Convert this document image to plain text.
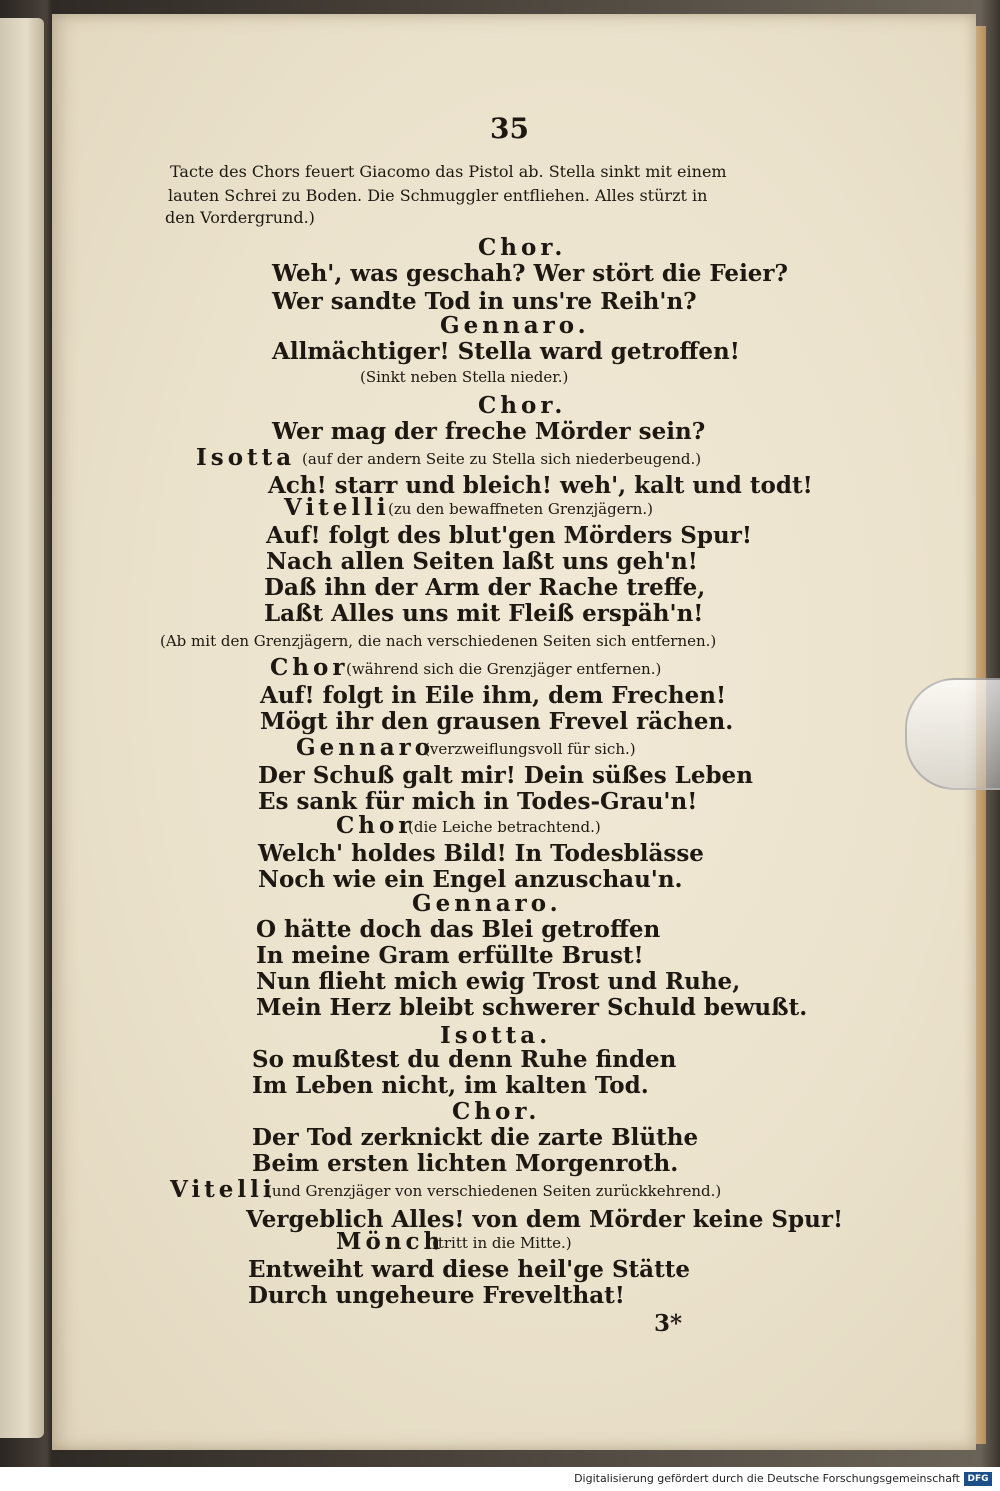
35
Tacte des Chors feuert Giacomo das Pistol ab. Stella sinkt mit einem
lauten Schrei zu Boden. Die Schmuggler entfliehen. Alles stürzt in
den Vordergrund.)
Chor.
Weh', was geschah? Wer stört die Feier?
Wer sandte Tod in uns're Reih'n?
Gennaro.
Allmächtiger! Stella ward getroffen!
(Sinkt neben Stella nieder.)
Chor.
Wer mag der freche Mörder sein?
Isotta (auf der andern Seite zu Stella sich niederbeugend.)
Ach! starr und bleich! weh', kalt und todt!
Vitelli
(zu den bewaffneten Grenzjägern.)
Auf! folgt des blut'gen Mörders Spur!
Nach allen Seiten laßt uns geh'n!
Daß ihn der Arm der Rache treffe,
Laßt Alles uns mit Fleiß erspäh'n!
(Ab mit den Grenzjägern, die nach verschiedenen Seiten sich entfernen.)
Chor
(während sich die Grenzjäger entfernen.)
Auf! folgt in Eile ihm, dem Frechen!
Mögt ihr den grausen Frevel rächen.
Gennaro
(verzweiflungsvoll für sich.)
Der Schuß galt mir! Dein süßes Leben
Es sank für mich in Todes-Grau'n!
Chor
(die Leiche betrachtend.)
Welch' holdes Bild! In Todesblässe
Noch wie ein Engel anzuschau'n.
Gennaro.
O hätte doch das Blei getroffen
In meine Gram erfüllte Brust!
Nun flieht mich ewig Trost und Ruhe,
Mein Herz bleibt schwerer Schuld bewußt.
Isotta.
So mußtest du denn Ruhe finden
Im Leben nicht, im kalten Tod.
Chor.
Der Tod zerknickt die zarte Blüthe
Beim ersten lichten Morgenroth.
Vitelli
(und Grenzjäger von verschiedenen Seiten zurückkehrend.)
Vergeblich Alles! von dem Mörder keine Spur!
Mönch
(tritt in die Mitte.)
Entweiht ward diese heil'ge Stätte
Durch ungeheure Frevelthat!
3*
Digitalisierung gefördert durch die Deutsche Forschungsgemeinschaft DFG
